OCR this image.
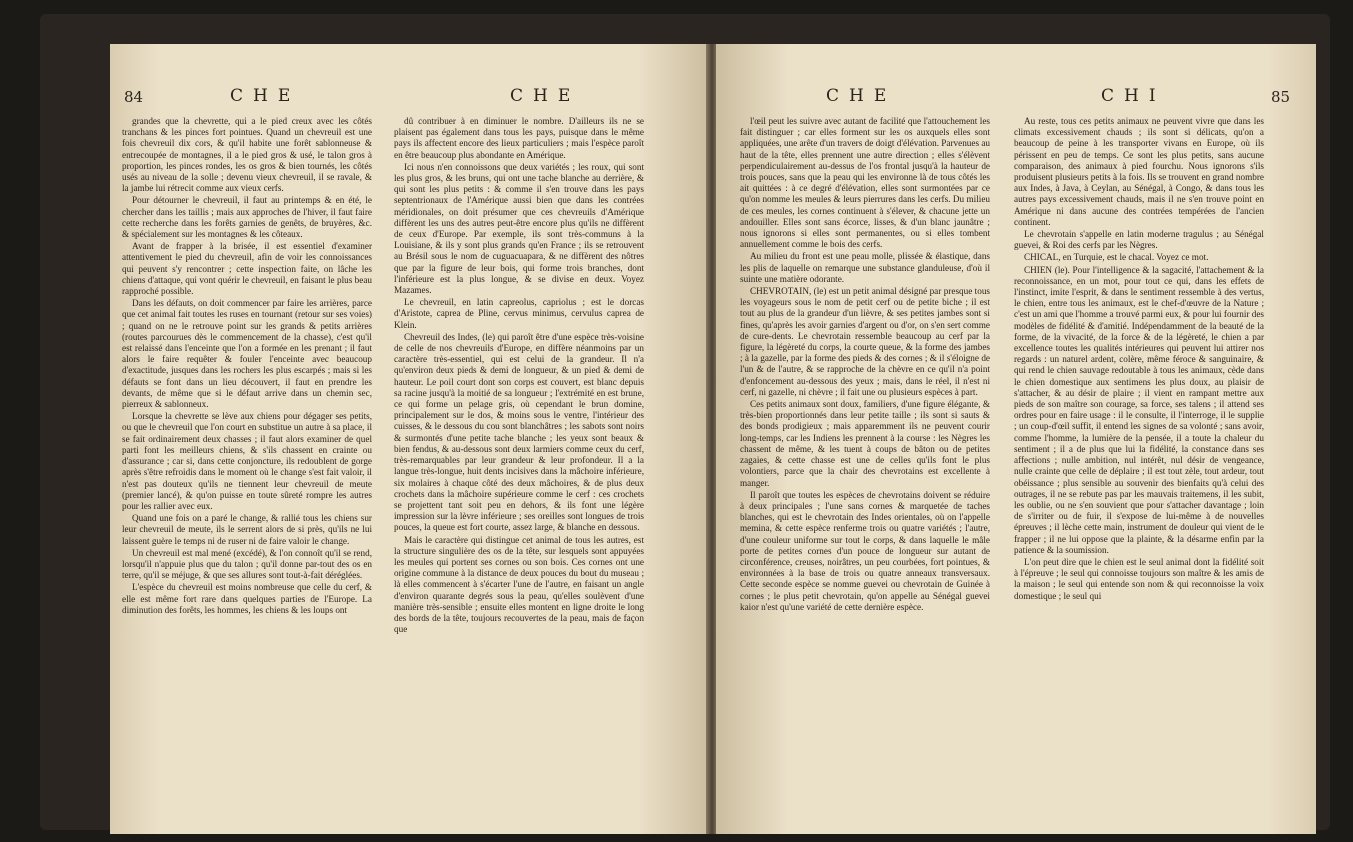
84	CHE	CHE

grandes que la chevrette, qui a le pied creux avec les côtés tranchans & les pinces fort pointues. Quand un chevreuil est une fois chevreuil dix cors, & qu'il habite une forêt sablonneuse & entrecoupée de montagnes, il a le pied gros & usé, le talon gros à proportion, les pinces rondes, les os gros & bien tournés, les côtés usés au niveau de la solle ; devenu vieux chevreuil, il se ravale, & la jambe lui rétrecit comme aux vieux cerfs.

Pour détourner le chevreuil, il faut au printemps & en été, le chercher dans les taillis ; mais aux approches de l'hiver, il faut faire cette recherche dans les forêts garnies de genêts, de bruyères, &c. & spécialement sur les montagnes & les côteaux.

Avant de frapper à la brisée, il est essentiel d'examiner attentivement le pied du chevreuil, afin de voir les connoissances qui peuvent s'y rencontrer ; cette inspection faite, on lâche les chiens d'attaque, qui vont quérir le chevreuil, en faisant le plus beau rapproché possible.

Dans les défauts, on doit commencer par faire les arrières, parce que cet animal fait toutes les ruses en tournant (retour sur ses voies) ; quand on ne le retrouve point sur les grands & petits arrières (routes parcourues dès le commencement de la chasse), c'est qu'il est relaissé dans l'enceinte que l'on a formée en les prenant ; il faut alors le faire requêter & fouler l'enceinte avec beaucoup d'exactitude, jusques dans les rochers les plus escarpés ; mais si les défauts se font dans un lieu découvert, il faut en prendre les devants, de même que si le défaut arrive dans un chemin sec, pierreux & sablonneux.

Lorsque la chevrette se lève aux chiens pour dégager ses petits, ou que le chevreuil que l'on court en substitue un autre à sa place, il se fait ordinairement deux chasses ; il faut alors examiner de quel parti font les meilleurs chiens, & s'ils chassent en crainte ou d'assurance ; car si, dans cette conjoncture, ils redoublent de gorge après s'être refroidis dans le moment où le change s'est fait valoir, il n'est pas douteux qu'ils ne tiennent leur chevreuil de meute (premier lancé), & qu'on puisse en toute sûreté rompre les autres pour les rallier avec eux.

Quand une fois on a paré le change, & rallié tous les chiens sur leur chevreuil de meute, ils le serrent alors de si près, qu'ils ne lui laissent guère le temps ni de ruser ni de faire valoir le change.

Un chevreuil est mal mené (excédé), & l'on connoît qu'il se rend, lorsqu'il n'appuie plus que du talon ; qu'il donne par-tout des os en terre, qu'il se méjuge, & que ses allures sont tout-à-fait déréglées.

L'espèce du chevreuil est moins nombreuse que celle du cerf, & elle est même fort rare dans quelques parties de l'Europe. La diminution des forêts, les hommes, les chiens & les loups ont

dû contribuer à en diminuer le nombre. D'ailleurs ils ne se plaisent pas également dans tous les pays, puisque dans le même pays ils affectent encore des lieux particuliers ; mais l'espèce paroît en être beaucoup plus abondante en Amérique.

Ici nous n'en connoissons que deux variétés ; les roux, qui sont les plus gros, & les bruns, qui ont une tache blanche au derrière, & qui sont les plus petits : & comme il s'en trouve dans les pays septentrionaux de l'Amérique aussi bien que dans les contrées méridionales, on doit présumer que ces chevreuils d'Amérique diffèrent les uns des autres peut-être encore plus qu'ils ne diffèrent de ceux d'Europe. Par exemple, ils sont très-communs à la Louisiane, & ils y sont plus grands qu'en France ; ils se retrouvent au Brésil sous le nom de cuguacuapara, & ne diffèrent des nôtres que par la figure de leur bois, qui forme trois branches, dont l'inférieure est la plus longue, & se divise en deux. Voyez Mazames.

Le chevreuil, en latin capreolus, capriolus ; est le dorcas d'Aristote, caprea de Pline, cervus minimus, cervulus caprea de Klein.

Chevreuil des Indes, (le) qui paroît être d'une espèce très-voisine de celle de nos chevreuils d'Europe, en diffère néanmoins par un caractère très-essentiel, qui est celui de la grandeur. Il n'a qu'environ deux pieds & demi de longueur, & un pied & demi de hauteur. Le poil court dont son corps est couvert, est blanc depuis sa racine jusqu'à la moitié de sa longueur ; l'extrémité en est brune, ce qui forme un pelage gris, où cependant le brun domine, principalement sur le dos, & moins sous le ventre, l'intérieur des cuisses, & le dessous du cou sont blanchâtres ; les sabots sont noirs & surmontés d'une petite tache blanche ; les yeux sont beaux & bien fendus, & au-dessous sont deux larmiers comme ceux du cerf, très-remarquables par leur grandeur & leur profondeur. Il a la langue très-longue, huit dents incisives dans la mâchoire inférieure, six molaires à chaque côté des deux mâchoires, & de plus deux crochets dans la mâchoire supérieure comme le cerf : ces crochets se projettent tant soit peu en dehors, & ils font une légère impression sur la lèvre inférieure ; ses oreilles sont longues de trois pouces, la queue est fort courte, assez large, & blanche en dessous.

Mais le caractère qui distingue cet animal de tous les autres, est la structure singulière des os de la tête, sur lesquels sont appuyées les meules qui portent ses cornes ou son bois. Ces cornes ont une origine commune à la distance de deux pouces du bout du museau ; là elles commencent à s'écarter l'une de l'autre, en faisant un angle d'environ quarante degrés sous la peau, qu'elles soulèvent d'une manière très-sensible ; ensuite elles montent en ligne droite le long des bords de la tête, toujours recouvertes de la peau, mais de façon que

CHE	CHI	85

l'œil peut les suivre avec autant de facilité que l'attouchement les fait distinguer ; car elles forment sur les os auxquels elles sont appliquées, une arête d'un travers de doigt d'élévation. Parvenues au haut de la tête, elles prennent une autre direction ; elles s'élèvent perpendiculairement au-dessus de l'os frontal jusqu'à la hauteur de trois pouces, sans que la peau qui les environne là de tous côtés les ait quittées : à ce degré d'élévation, elles sont surmontées par ce qu'on nomme les meules & leurs pierrures dans les cerfs. Du milieu de ces meules, les cornes continuent à s'élever, & chacune jette un andouiller. Elles sont sans écorce, lisses, & d'un blanc jaunâtre ; nous ignorons si elles sont permanentes, ou si elles tombent annuellement comme le bois des cerfs.

Au milieu du front est une peau molle, plissée & élastique, dans les plis de laquelle on remarque une substance glanduleuse, d'où il suinte une matière odorante.

CHEVROTAIN, (le) est un petit animal désigné par presque tous les voyageurs sous le nom de petit cerf ou de petite biche ; il est tout au plus de la grandeur d'un lièvre, & ses petites jambes sont si fines, qu'après les avoir garnies d'argent ou d'or, on s'en sert comme de cure-dents. Le chevrotain ressemble beaucoup au cerf par la figure, la légèreté du corps, la courte queue, & la forme des jambes ; à la gazelle, par la forme des pieds & des cornes ; & il s'éloigne de l'un & de l'autre, & se rapproche de la chèvre en ce qu'il n'a point d'enfoncement au-dessous des yeux ; mais, dans le réel, il n'est ni cerf, ni gazelle, ni chèvre ; il fait une ou plusieurs espèces à part.

Ces petits animaux sont doux, familiers, d'une figure élégante, & très-bien proportionnés dans leur petite taille ; ils sont si sauts & des bonds prodigieux ; mais apparemment ils ne peuvent courir long-temps, car les Indiens les prennent à la course : les Nègres les chassent de même, & les tuent à coups de bâton ou de petites zagaies, & cette chasse est une de celles qu'ils font le plus volontiers, parce que la chair des chevrotains est excellente à manger.

Il paroît que toutes les espèces de chevrotains doivent se réduire à deux principales ; l'une sans cornes & marquetée de taches blanches, qui est le chevrotain des Indes orientales, où on l'appelle memina, & cette espèce renferme trois ou quatre variétés ; l'autre, d'une couleur uniforme sur tout le corps, & dans laquelle le mâle porte de petites cornes d'un pouce de longueur sur autant de circonférence, creuses, noirâtres, un peu courbées, fort pointues, & environnées à la base de trois ou quatre anneaux transversaux. Cette seconde espèce se nomme guevei ou chevrotain de Guinée à cornes ; le plus petit chevrotain, qu'on appelle au Sénégal guevei kaior n'est qu'une variété de cette dernière espèce.

Au reste, tous ces petits animaux ne peuvent vivre que dans les climats excessivement chauds ; ils sont si délicats, qu'on a beaucoup de peine à les transporter vivans en Europe, où ils périssent en peu de temps. Ce sont les plus petits, sans aucune comparaison, des animaux à pied fourchu. Nous ignorons s'ils produisent plusieurs petits à la fois. Ils se trouvent en grand nombre aux Indes, à Java, à Ceylan, au Sénégal, à Congo, & dans tous les autres pays excessivement chauds, mais il ne s'en trouve point en Amérique ni dans aucune des contrées tempérées de l'ancien continent.

Le chevrotain s'appelle en latin moderne tragulus ; au Sénégal guevei, & Roi des cerfs par les Nègres.

CHICAL, en Turquie, est le chacal. Voyez ce mot.

CHIEN (le). Pour l'intelligence & la sagacité, l'attachement & la reconnoissance, en un mot, pour tout ce qui, dans les effets de l'instinct, imite l'esprit, & dans le sentiment ressemble à des vertus, le chien, entre tous les animaux, est le chef-d'œuvre de la Nature ; c'est un ami que l'homme a trouvé parmi eux, & pour lui fournir des modèles de fidélité & d'amitié. Indépendamment de la beauté de la forme, de la vivacité, de la force & de la légèreté, le chien a par excellence toutes les qualités intérieures qui peuvent lui attirer nos regards : un naturel ardent, colère, même féroce & sanguinaire, & qui rend le chien sauvage redoutable à tous les animaux, cède dans le chien domestique aux sentimens les plus doux, au plaisir de s'attacher, & au désir de plaire ; il vient en rampant mettre aux pieds de son maître son courage, sa force, ses talens ; il attend ses ordres pour en faire usage : il le consulte, il l'interroge, il le supplie ; un coup-d'œil suffit, il entend les signes de sa volonté ; sans avoir, comme l'homme, la lumière de la pensée, il a toute la chaleur du sentiment ; il a de plus que lui la fidélité, la constance dans ses affections ; nulle ambition, nul intérêt, nul désir de vengeance, nulle crainte que celle de déplaire ; il est tout zèle, tout ardeur, tout obéissance ; plus sensible au souvenir des bienfaits qu'à celui des outrages, il ne se rebute pas par les mauvais traitemens, il les subit, les oublie, ou ne s'en souvient que pour s'attacher davantage ; loin de s'irriter ou de fuir, il s'expose de lui-même à de nouvelles épreuves ; il lèche cette main, instrument de douleur qui vient de le frapper ; il ne lui oppose que la plainte, & la désarme enfin par la patience & la soumission.

L'on peut dire que le chien est le seul animal dont la fidélité soit à l'épreuve ; le seul qui connoisse toujours son maître & les amis de la maison ; le seul qui entende son nom & qui reconnoisse la voix domestique ; le seul qui
